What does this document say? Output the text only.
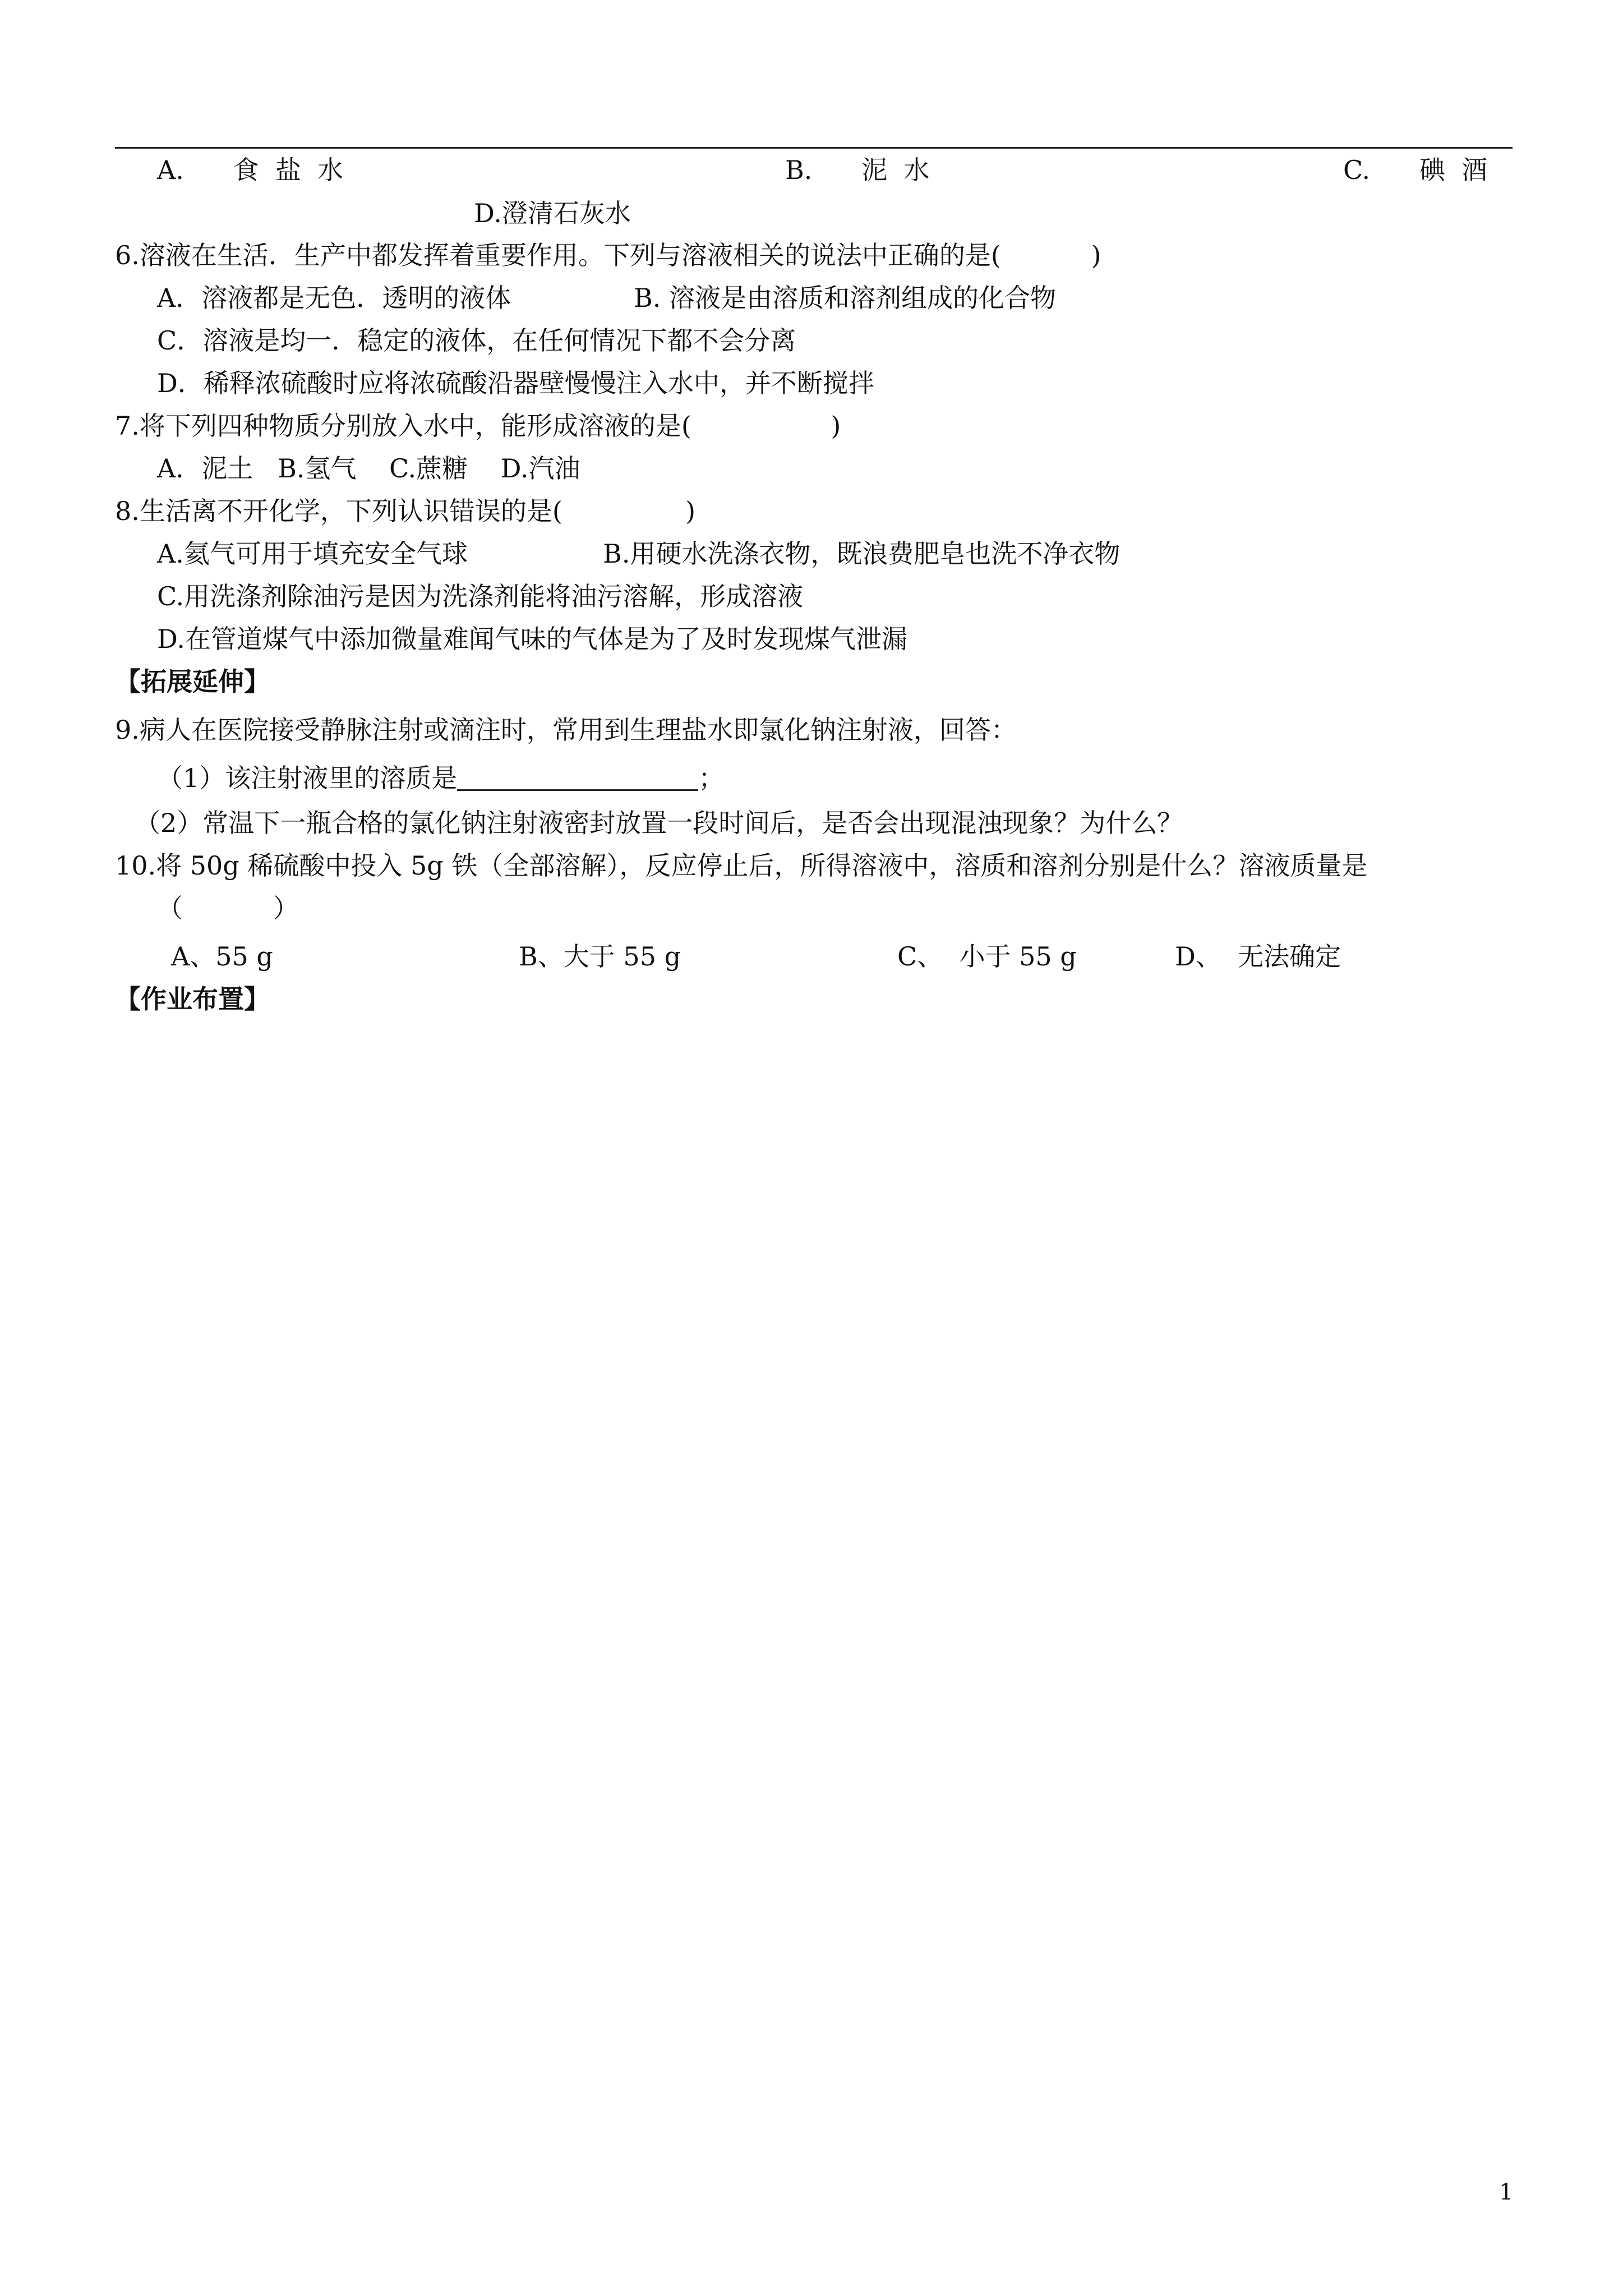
A.      食  盐  水	B.      泥  水	C.      碘  酒
D.澄清石灰水
6.溶液在生活．生产中都发挥着重要作用。下列与溶液相关的说法中正确的是(           )
A．溶液都是无色．透明的液体	B. 溶液是由溶质和溶剂组成的化合物
C．溶液是均一．稳定的液体，在任何情况下都不会分离
D．稀释浓硫酸时应将浓硫酸沿器壁慢慢注入水中，并不断搅拌
7.将下列四种物质分别放入水中，能形成溶液的是(                 )
A．泥土   B.氢气    C.蔗糖    D.汽油
8.生活离不开化学，下列认识错误的是(               )
A.氦气可用于填充安全气球	B.用硬水洗涤衣物，既浪费肥皂也洗不净衣物
C.用洗涤剂除油污是因为洗涤剂能将油污溶解，形成溶液
D.在管道煤气中添加微量难闻气味的气体是为了及时发现煤气泄漏
【拓展延伸】
9.病人在医院接受静脉注射或滴注时，常用到生理盐水即氯化钠注射液，回答：
（1）该注射液里的溶质是	；
（2）常温下一瓶合格的氯化钠注射液密封放置一段时间后，是否会出现混浊现象？为什么？
10.将 50g 稀硫酸中投入 5g 铁（全部溶解），反应停止后，所得溶液中，溶质和溶剂分别是什么？溶液质量是
（           ）
A、55 g	B、大于 55 g	C、  小于 55 g	D、  无法确定
【作业布置】
1
